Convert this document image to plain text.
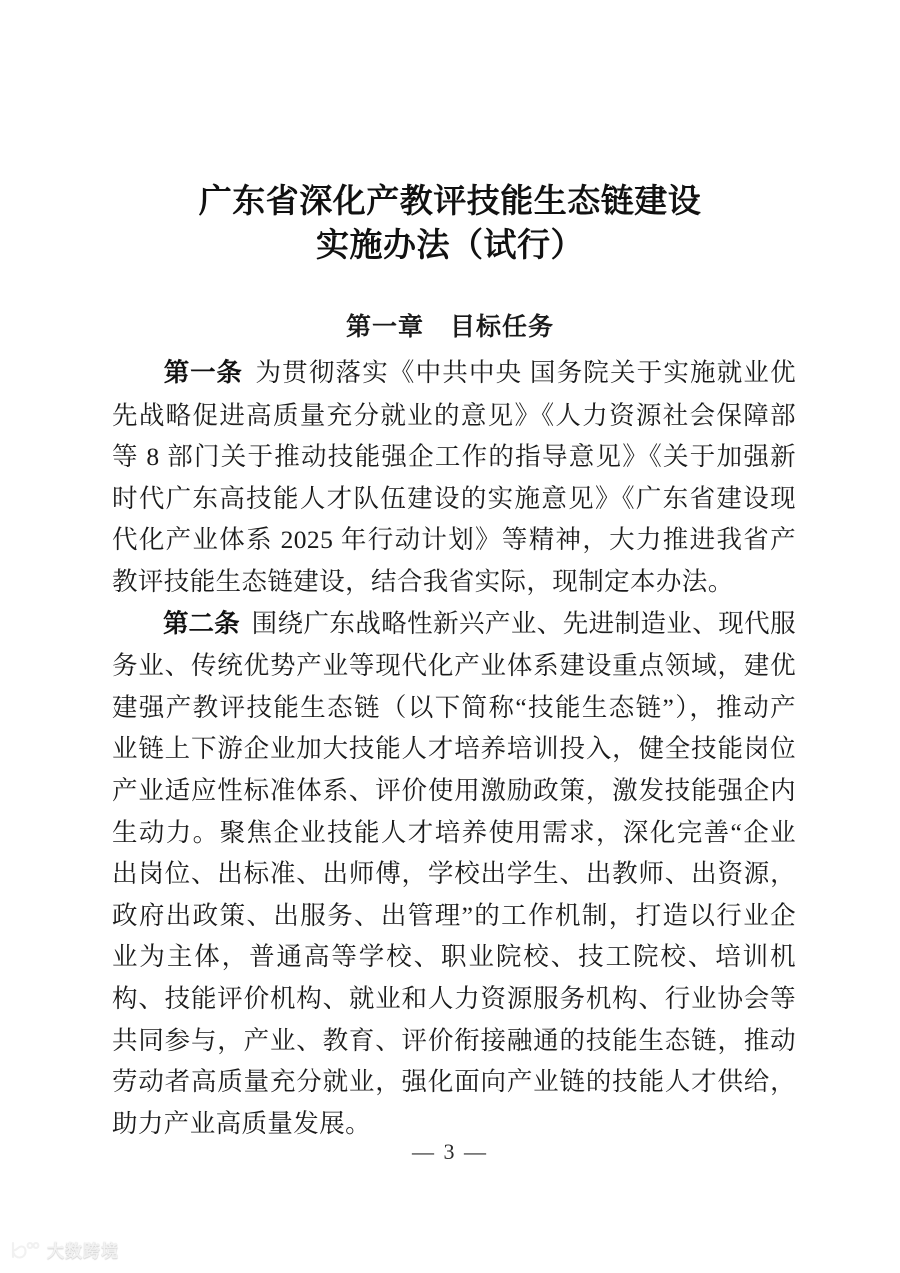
广东省深化产教评技能生态链建设
实施办法（试行）
第一章　目标任务

第一条 为贯彻落实《中共中央 国务院关于实施就业优先战略促进高质量充分就业的意见》《人力资源社会保障部等 8 部门关于推动技能强企工作的指导意见》《关于加强新时代广东高技能人才队伍建设的实施意见》《广东省建设现代化产业体系 2025 年行动计划》等精神，大力推进我省产教评技能生态链建设，结合我省实际，现制定本办法。

第二条 围绕广东战略性新兴产业、先进制造业、现代服务业、传统优势产业等现代化产业体系建设重点领域，建优建强产教评技能生态链（以下简称“技能生态链”），推动产业链上下游企业加大技能人才培养培训投入，健全技能岗位产业适应性标准体系、评价使用激励政策，激发技能强企内生动力。聚焦企业技能人才培养使用需求，深化完善“企业出岗位、出标准、出师傅，学校出学生、出教师、出资源，政府出政策、出服务、出管理”的工作机制，打造以行业企业为主体，普通高等学校、职业院校、技工院校、培训机构、技能评价机构、就业和人力资源服务机构、行业协会等共同参与，产业、教育、评价衔接融通的技能生态链，推动劳动者高质量充分就业，强化面向产业链的技能人才供给，助力产业高质量发展。

— 3 —
大数跨境
